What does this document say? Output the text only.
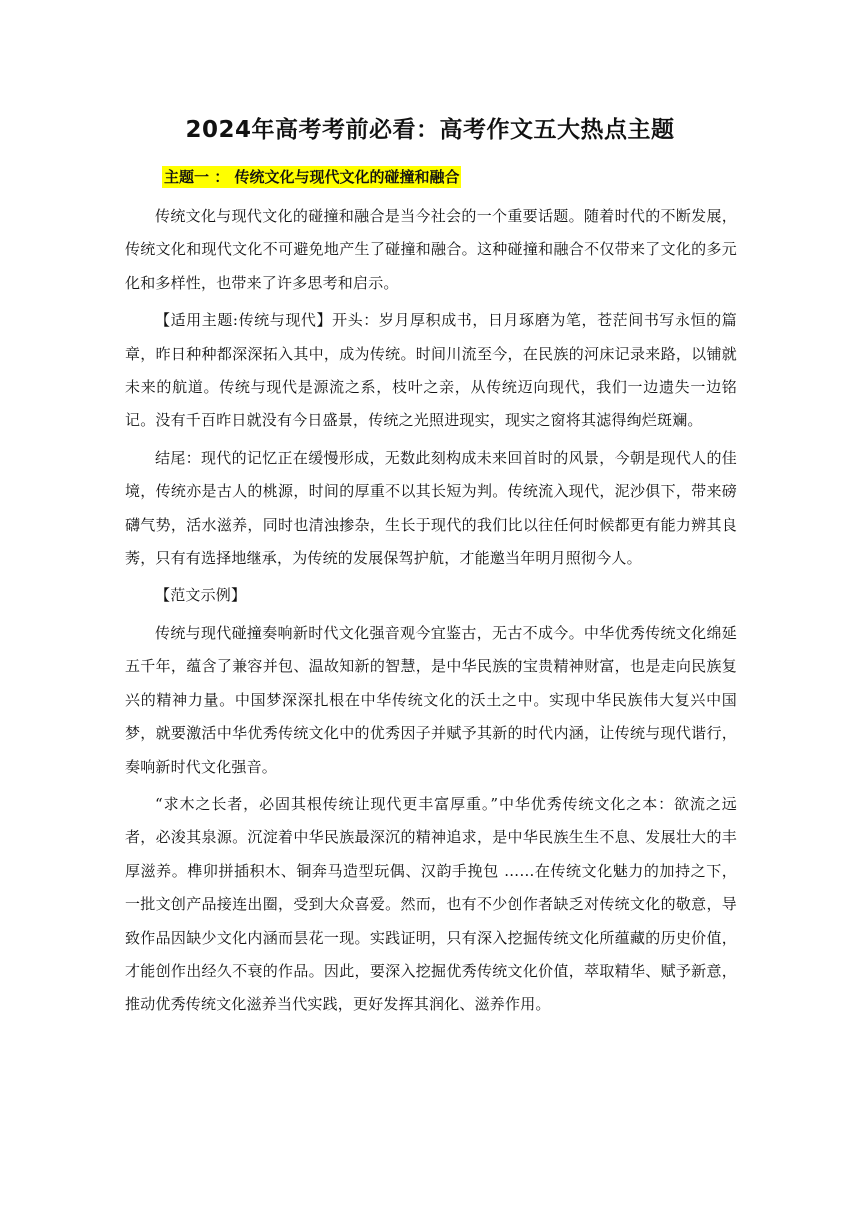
2024年高考考前必看：高考作文五大热点主题

主题一 ： 传统文化与现代文化的碰撞和融合

传统文化与现代文化的碰撞和融合是当今社会的一个重要话题。随着时代的不断发展，传统文化和现代文化不可避免地产生了碰撞和融合。这种碰撞和融合不仅带来了文化的多元化和多样性，也带来了许多思考和启示。

【适用主题:传统与现代】开头：岁月厚积成书，日月琢磨为笔，苍茫间书写永恒的篇章，昨日种种都深深拓入其中，成为传统。时间川流至今，在民族的河床记录来路，以铺就未来的航道。传统与现代是源流之系，枝叶之亲，从传统迈向现代，我们一边遗失一边铭记。没有千百昨日就没有今日盛景，传统之光照进现实，现实之窗将其滤得绚烂斑斓。

结尾：现代的记忆正在缓慢形成，无数此刻构成未来回首时的风景，今朝是现代人的佳境，传统亦是古人的桃源，时间的厚重不以其长短为判。传统流入现代，泥沙俱下，带来磅礴气势，活水滋养，同时也清浊掺杂，生长于现代的我们比以往任何时候都更有能力辨其良莠，只有有选择地继承，为传统的发展保驾护航，才能邀当年明月照彻今人。

【范文示例】

传统与现代碰撞奏响新时代文化强音观今宜鉴古，无古不成今。中华优秀传统文化绵延五千年，蕴含了兼容并包、温故知新的智慧，是中华民族的宝贵精神财富，也是走向民族复兴的精神力量。中国梦深深扎根在中华传统文化的沃土之中。实现中华民族伟大复兴中国梦，就要激活中华优秀传统文化中的优秀因子并赋予其新的时代内涵，让传统与现代谐行，奏响新时代文化强音。

“求木之长者，必固其根传统让现代更丰富厚重。”中华优秀传统文化之本：欲流之远者，必浚其泉源。沉淀着中华民族最深沉的精神追求，是中华民族生生不息、发展壮大的丰厚滋养。榫卯拼插积木、铜奔马造型玩偶、汉韵手挽包 ……在传统文化魅力的加持之下，一批文创产品接连出圈，受到大众喜爱。然而，也有不少创作者缺乏对传统文化的敬意，导致作品因缺少文化内涵而昙花一现。实践证明，只有深入挖掘传统文化所蕴藏的历史价值，才能创作出经久不衰的作品。因此，要深入挖掘优秀传统文化价值，萃取精华、赋予新意，推动优秀传统文化滋养当代实践，更好发挥其润化、滋养作用。
